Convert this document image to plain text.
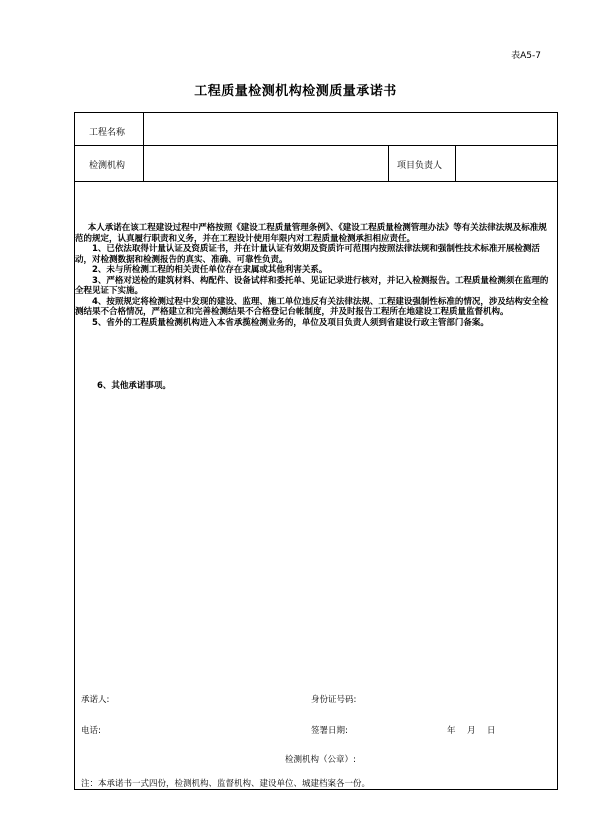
表A5-7
工程质量检测机构检测质量承诺书
工程名称
检测机构	项目负责人

本人承诺在该工程建设过程中严格按照《建设工程质量管理条例》、《建设工程质量检测管理办法》等有关法律法规及标准规范的规定，认真履行职责和义务，并在工程设计使用年限内对工程质量检测承担相应责任。

1、已依法取得计量认证及资质证书，并在计量认证有效期及资质许可范围内按照法律法规和强制性技术标准开展检测活动，对检测数据和检测报告的真实、准确、可靠性负责。

2、未与所检测工程的相关责任单位存在隶属或其他利害关系。

3、严格对送检的建筑材料、构配件、设备试样和委托单、见证记录进行核对，并记入检测报告。工程质量检测须在监理的全程见证下实施。

4、按照规定将检测过程中发现的建设、监理、施工单位违反有关法律法规、工程建设强制性标准的情况，涉及结构安全检测结果不合格情况，严格建立和完善检测结果不合格登记台帐制度，并及时报告工程所在地建设工程质量监督机构。

5、省外的工程质量检测机构进入本省承揽检测业务的，单位及项目负责人须到省建设行政主管部门备案。

6、其他承诺事项。
承诺人:	身份证号码:
电话:	签署日期:	年 月 日
检测机构（公章）:
注：本承诺书一式四份，检测机构、监督机构、建设单位、城建档案各一份。
